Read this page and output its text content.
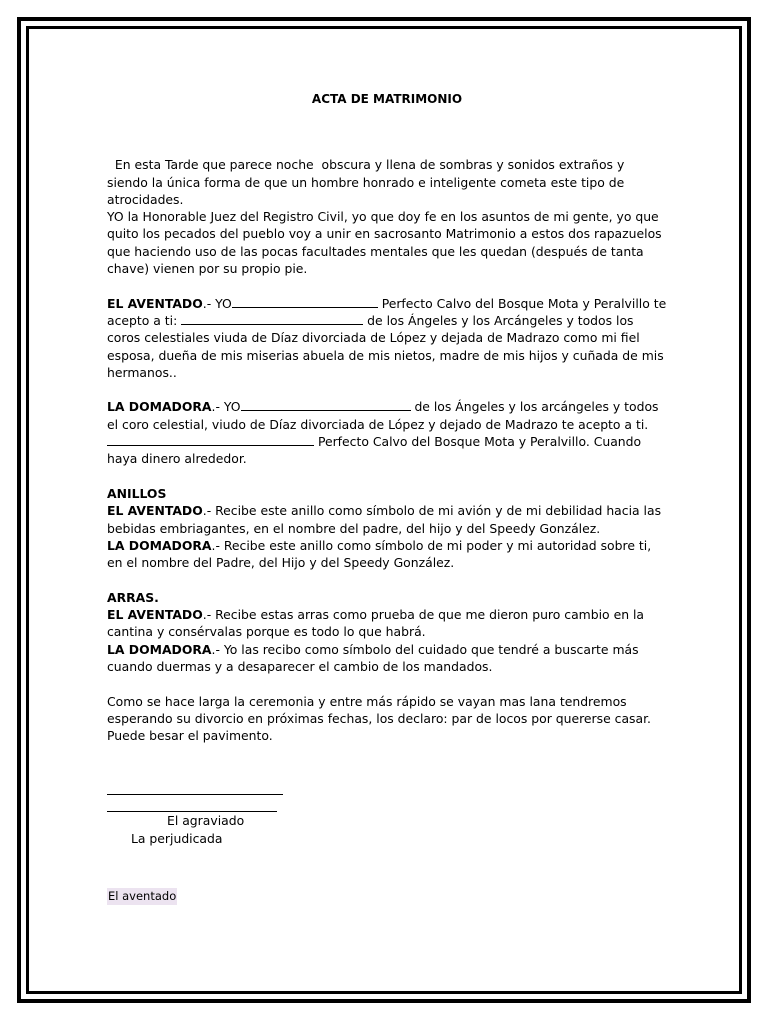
ACTA DE MATRIMONIO

En esta Tarde que parece noche  obscura y llena de sombras y sonidos extraños y siendo la única forma de que un hombre honrado e inteligente cometa este tipo de atrocidades.

YO la Honorable Juez del Registro Civil, yo que doy fe en los asuntos de mi gente, yo que quito los pecados del pueblo voy a unir en sacrosanto Matrimonio a estos dos rapazuelos que haciendo uso de las pocas facultades mentales que les quedan (después de tanta chave) vienen por su propio pie.

EL AVENTADO.- YO	Perfecto Calvo del Bosque Mota y Peralvillo te acepto a ti:	de los Ángeles y los Arcángeles y todos los coros celestiales viuda de Díaz divorciada de López y dejada de Madrazo como mi fiel esposa, dueña de mis miserias abuela de mis nietos, madre de mis hijos y cuñada de mis hermanos..

LA DOMADORA.- YO	de los Ángeles y los arcángeles y todos el coro celestial, viudo de Díaz divorciada de López y dejado de Madrazo te acepto a ti.

Perfecto Calvo del Bosque Mota y Peralvillo. Cuando haya dinero alrededor.

ANILLOS

EL AVENTADO.- Recibe este anillo como símbolo de mi avión y de mi debilidad hacia las bebidas embriagantes, en el nombre del padre, del hijo y del Speedy González.

LA DOMADORA.- Recibe este anillo como símbolo de mi poder y mi autoridad sobre ti, en el nombre del Padre, del Hijo y del Speedy González.

ARRAS.

EL AVENTADO.- Recibe estas arras como prueba de que me dieron puro cambio en la cantina y consérvalas porque es todo lo que habrá.

LA DOMADORA.- Yo las recibo como símbolo del cuidado que tendré a buscarte más cuando duermas y a desaparecer el cambio de los mandados.

Como se hace larga la ceremonia y entre más rápido se vayan mas lana tendremos esperando su divorcio en próximas fechas, los declaro: par de locos por quererse casar.

Puede besar el pavimento.

El agraviado

La perjudicada

El aventado
